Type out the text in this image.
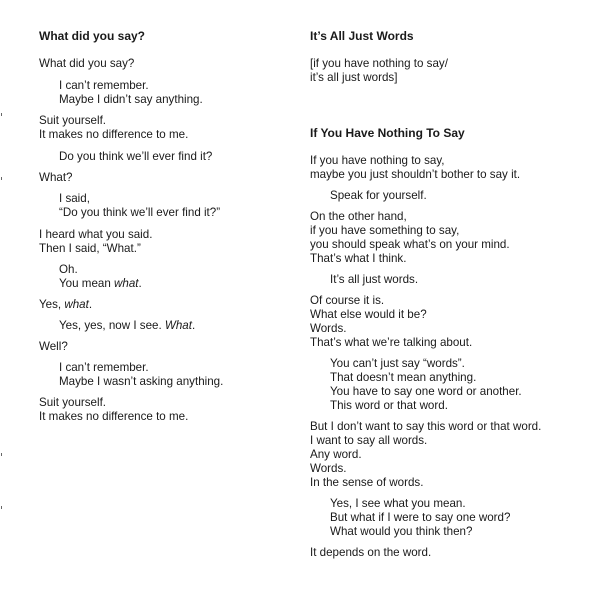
What did you say?
What did you say?
I can’t remember.
Maybe I didn’t say anything.
Suit yourself.
It makes no difference to me.
Do you think we’ll ever find it?
What?
I said,
“Do you think we’ll ever find it?”
I heard what you said.
Then I said, “What.”
Oh.
You mean what.
Yes, what.
Yes, yes, now I see. What.
Well?
I can’t remember.
Maybe I wasn’t asking anything.
Suit yourself.
It makes no difference to me.
It’s All Just Words
If You Have Nothing To Say
[if you have nothing to say/
it’s all just words]
If you have nothing to say,
maybe you just shouldn’t bother to say it.
Speak for yourself.
On the other hand,
if you have something to say,
you should speak what’s on your mind.
That’s what I think.
It’s all just words.
Of course it is.
What else would it be?
Words.
That’s what we’re talking about.
You can’t just say “words”.
That doesn’t mean anything.
You have to say one word or another.
This word or that word.
But I don’t want to say this word or that word.
I want to say all words.
Any word.
Words.
In the sense of words.
Yes, I see what you mean.
But what if I were to say one word?
What would you think then?
It depends on the word.
